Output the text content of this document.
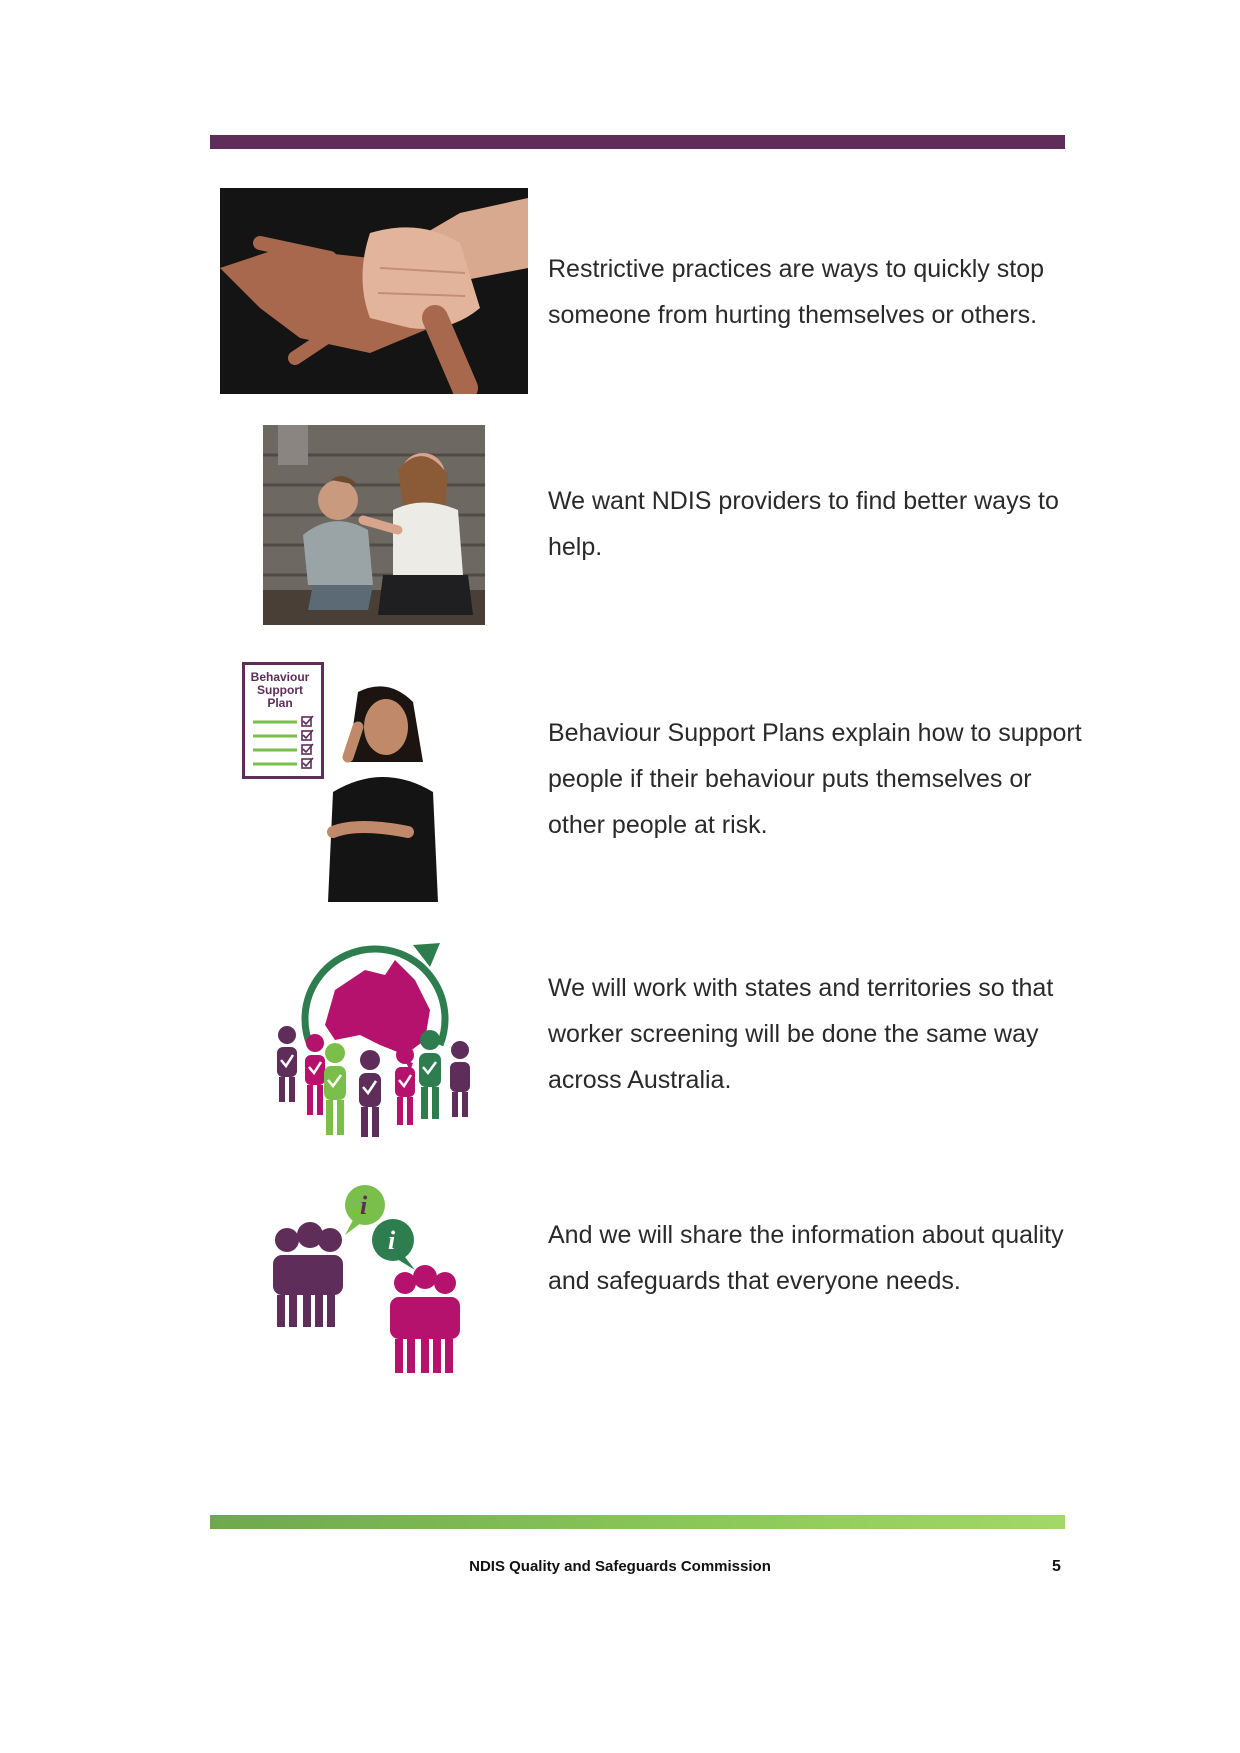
Restrictive practices are ways to quickly stop someone from hurting themselves or others.
We want NDIS providers to find better ways to help.
Behaviour Support Plan
Behaviour Support Plans explain how to support people if their behaviour puts themselves or other people at risk.
We will work with states and territories so that worker screening will be done the same way across Australia.
i
i	And we will share the information about quality and safeguards that everyone needs.
NDIS Quality and Safeguards Commission	5
